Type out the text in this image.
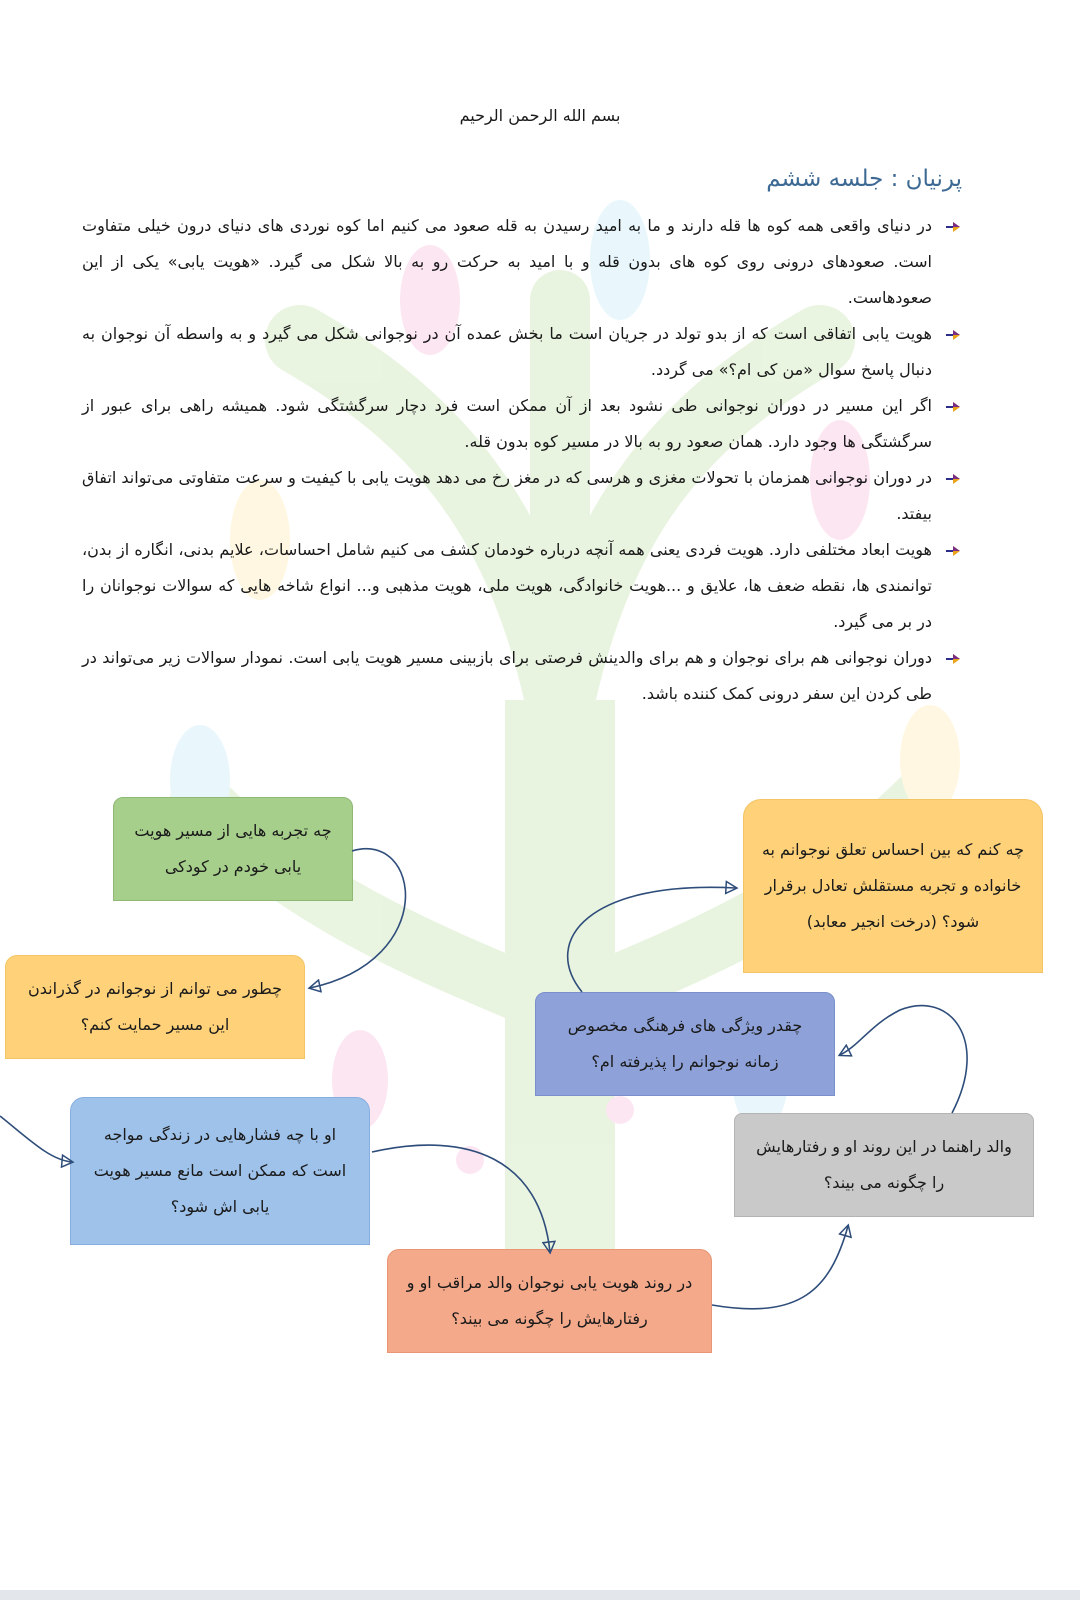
بسم الله الرحمن الرحیم
پرنیان : جلسه ششم
در دنیای واقعی همه کوه ها قله دارند و ما به امید رسیدن به قله صعود می کنیم اما کوه نوردی های دنیای درون خیلی متفاوت است. صعودهای درونی روی کوه های بدون قله و با امید به حرکت رو به بالا شکل می گیرد. «هویت یابی» یکی از این صعودهاست.
هویت یابی اتفاقی است که از بدو تولد در جریان است ما بخش عمده آن در نوجوانی شکل می گیرد و به واسطه آن نوجوان به دنبال پاسخ سوال «من کی ام؟» می گردد.
اگر این مسیر در دوران نوجوانی طی نشود بعد از آن ممکن است فرد دچار سرگشتگی شود. همیشه راهی برای عبور از سرگشتگی ها وجود دارد. همان صعود رو به بالا در مسیر کوه بدون قله.
در دوران نوجوانی همزمان با تحولات مغزی و هرسی که در مغز رخ می دهد هویت یابی با کیفیت و سرعت متفاوتی می‌تواند اتفاق بیفتد.
هویت ابعاد مختلفی دارد. هویت فردی یعنی همه آنچه درباره خودمان کشف می کنیم شامل احساسات، علایم بدنی، انگاره از بدن، توانمندی ها، نقطه ضعف ها، علایق و ...هویت خانوادگی، هویت ملی، هویت مذهبی و... انواع شاخه هایی که سوالات نوجوانان را در بر می گیرد.
دوران نوجوانی هم برای نوجوان و هم برای والدینش فرصتی برای بازبینی مسیر هویت یابی است. نمودار سوالات زیر می‌تواند در طی کردن این سفر درونی کمک کننده باشد.
چه تجربه هایی از مسیر هویت یابی خودم در کودکی
چه کنم که بین احساس تعلق نوجوانم به خانواده و تجربه مستقلش تعادل برقرار شود؟ (درخت انجیر معابد)
چطور می توانم از نوجوانم در گذراندن این مسیر حمایت کنم؟	چقدر ویژگی های فرهنگی مخصوص زمانه نوجوانم را پذیرفته ام؟
او با چه فشارهایی در زندگی مواجه است که ممکن است مانع مسیر هویت یابی اش شود؟
والد راهنما در این روند او و رفتارهایش را چگونه می بیند؟
در روند هویت یابی نوجوان والد مراقب او و رفتارهایش را چگونه می بیند؟
